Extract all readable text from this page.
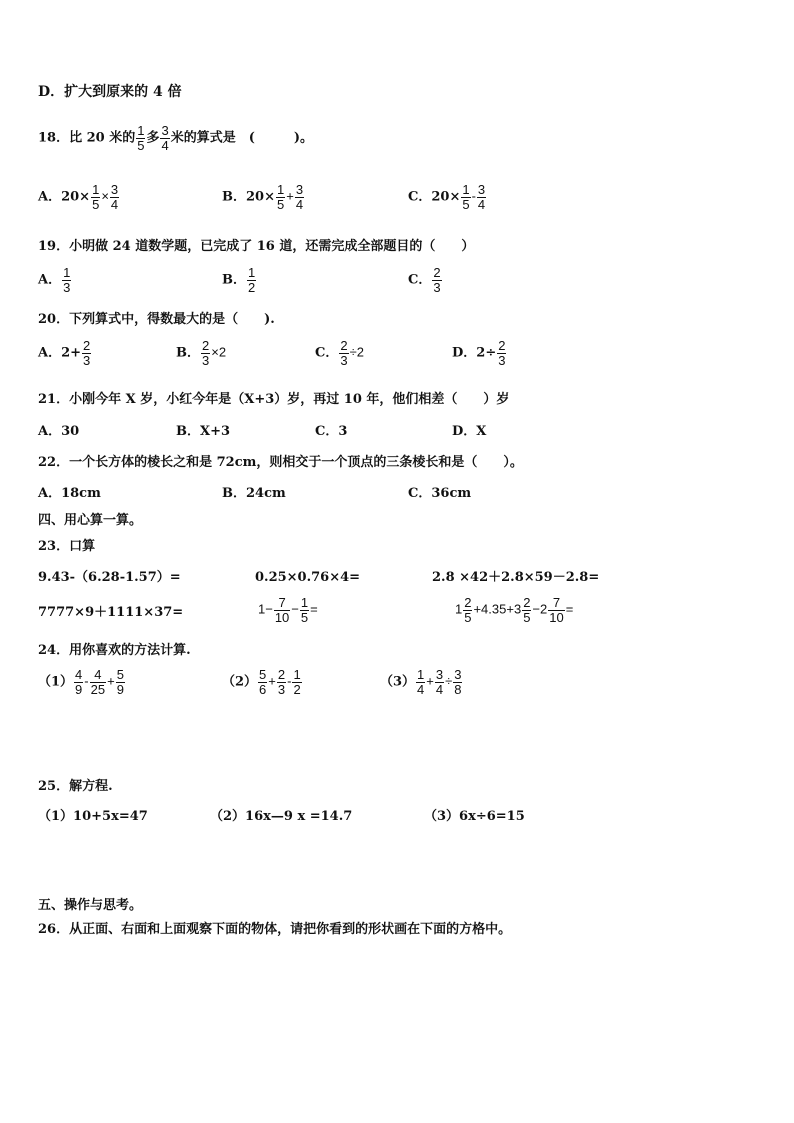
D．扩大到原来的 4 倍
18．比 20 米的 $\frac{1}{5}$ 多 $\frac{3}{4}$ 米的算式是　(　　　)。
A．$20\times \frac{1}{5} \times \frac{3}{4}$	B．$20\times \frac{1}{5} + \frac{3}{4}$	C．$20\times \frac{1}{5} - \frac{3}{4}$
19．小明做 24 道数学题，已完成了 16 道，还需完成全部题目的（　　）
A． $\frac{1}{3}$	B． $\frac{1}{2}$	C． $\frac{2}{3}$
20．下列算式中，得数最大的是（　　).
A．$2+ \frac{2}{3}$	B． $\frac{2}{3} \times 2$	C． $\frac{2}{3} \div 2$	D．$2\div \frac{2}{3}$
21．小刚今年 X 岁，小红今年是（X+3）岁，再过 10 年，他们相差（　　）岁
A．30	B．X+3	C．3	D．X
22．一个长方体的棱长之和是 72cm，则相交于一个顶点的三条棱长和是（　　）。
A．18cm	B．24cm	C．36cm
四、用心算一算。
23．口算
9.43-（6.28-1.57）=	0.25×0.76×4=	2.8 ×42＋2.8×59－2.8=
7777×9＋1111×37=	$1- \frac{7}{10} - \frac{1}{5}$ =	$1 \frac{2}{5} +4.35+3 \frac{2}{5} -2 \frac{7}{10}$ =
24．用你喜欢的方法计算.
$(1) \frac{4}{9} - \frac{4}{25} + \frac{5}{9}$	$(2) \frac{5}{6} + \frac{2}{3} - \frac{1}{2}$	$(3) \frac{1}{4} + \frac{3}{4} \div \frac{3}{8}$
25．解方程.
（1）10+5x=47	（2）16x—9 x =14.7	（3）6x÷6=15
五、操作与思考。
26．从正面、右面和上面观察下面的物体，请把你看到的形状画在下面的方格中。
